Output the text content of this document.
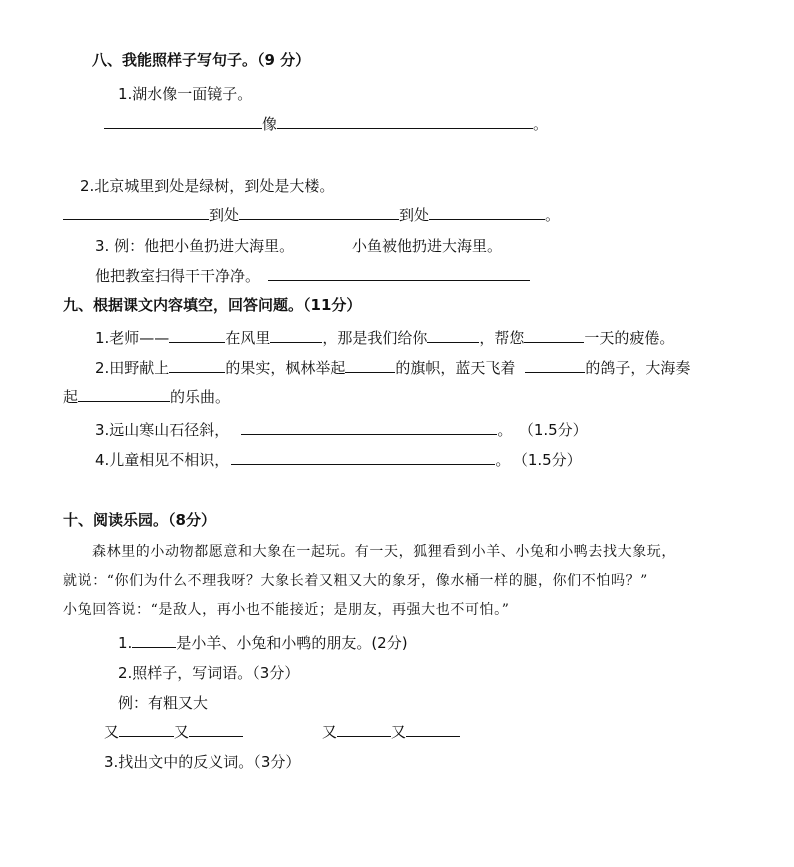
八、我能照样子写句子。（9 分）
1.湖水像一面镜子。
像	。
2.北京城里到处是绿树，到处是大楼。
到处	到处	。
3. 例：他把小鱼扔进大海里。	小鱼被他扔进大海里。
他把教室扫得干干净净。
九、根据课文内容填空，回答问题。（11分）
1.老师——	在风里	，那是我们给你	，帮您	一天的疲倦。
2.田野献上	的果实，枫林举起	的旗帜，蓝天飞着	的鸽子，大海奏
起	的乐曲。
3.远山寒山石径斜，	。 （1.5分）
4.儿童相见不相识，	。 （1.5分）
十、阅读乐园。（8分）
森林里的小动物都愿意和大象在一起玩。有一天，狐狸看到小羊、小兔和小鸭去找大象玩，
就说：“你们为什么不理我呀？大象长着又粗又大的象牙，像水桶一样的腿，你们不怕吗？”
小兔回答说：“是敌人，再小也不能接近；是朋友，再强大也不可怕。”
1.	是小羊、小兔和小鸭的朋友。(2分)
2.照样子，写词语。（3分）
例：有粗又大
又	又	又	又
3.找出文中的反义词。（3分）
